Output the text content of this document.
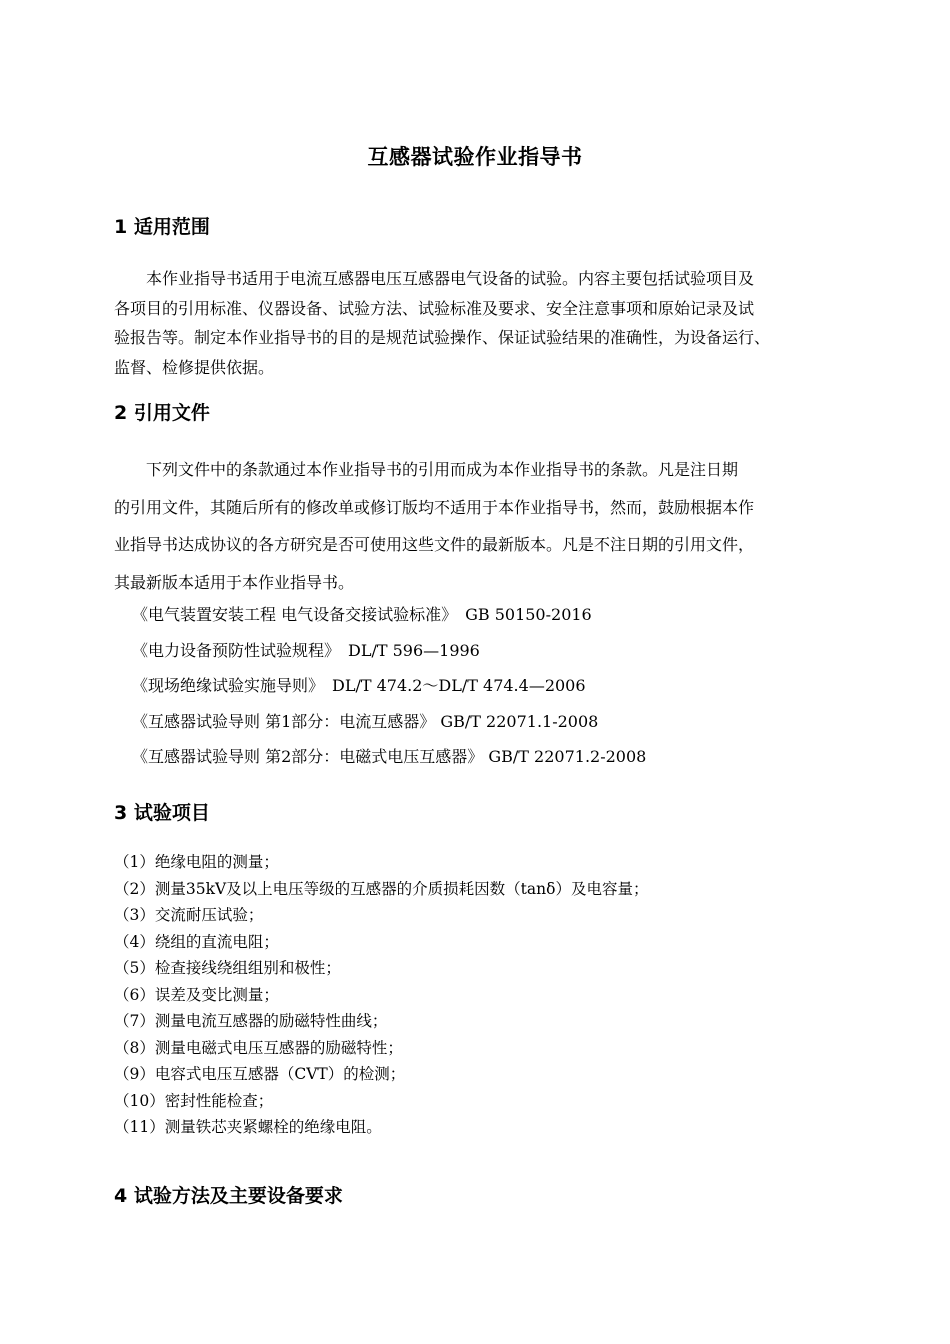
互感器试验作业指导书
1 适用范围
　　本作业指导书适用于电流互感器电压互感器电气设备的试验。内容主要包括试验项目及
各项目的引用标准、仪器设备、试验方法、试验标准及要求、安全注意事项和原始记录及试
验报告等。制定本作业指导书的目的是规范试验操作、保证试验结果的准确性，为设备运行、
监督、检修提供依据。
2 引用文件
　　下列文件中的条款通过本作业指导书的引用而成为本作业指导书的条款。凡是注日期
的引用文件，其随后所有的修改单或修订版均不适用于本作业指导书，然而，鼓励根据本作
业指导书达成协议的各方研究是否可使用这些文件的最新版本。凡是不注日期的引用文件，
其最新版本适用于本作业指导书。
《电气装置安装工程 电气设备交接试验标准》　GB 50150-2016
《电力设备预防性试验规程》　DL/T 596—1996
《现场绝缘试验实施导则》　DL/T 474.2～DL/T 474.4—2006
《互感器试验导则 第1部分：电流互感器》 GB/T 22071.1-2008
《互感器试验导则 第2部分：电磁式电压互感器》 GB/T 22071.2-2008
3 试验项目
（1）绝缘电阻的测量；
（2）测量35kV及以上电压等级的互感器的介质损耗因数（tanδ）及电容量；
（3）交流耐压试验；
（4）绕组的直流电阻；
（5）检查接线绕组组别和极性；
（6）误差及变比测量；
（7）测量电流互感器的励磁特性曲线；
（8）测量电磁式电压互感器的励磁特性；
（9）电容式电压互感器（CVT）的检测；
（10）密封性能检查；
（11）测量铁芯夹紧螺栓的绝缘电阻。
4 试验方法及主要设备要求
